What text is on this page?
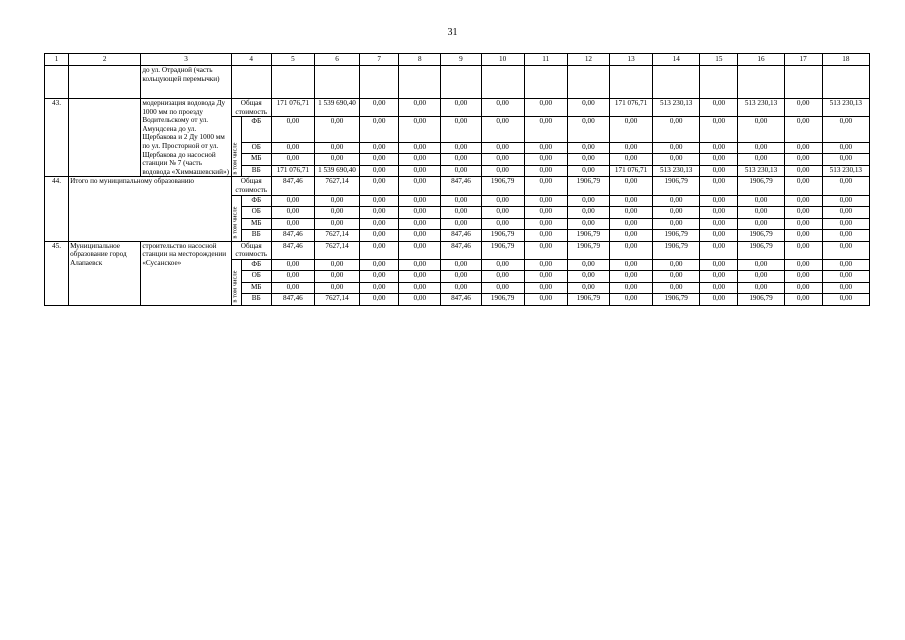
31
1	2	3	4		5	6	7	8	9	10	11	12	13	14	15	16	17	18
		до ул. Отрадной (часть кольцующей перемычки)																
43.		модернизация водовода Ду 1000 мм по проезду Водительскому от ул. Амундсена до ул. Щербакова и 2 Ду 1000 мм по ул. Просторной от ул. Щербакова до насосной станции № 7 (часть водовода «Химмашевский»)	Общая стоимость		171 076,71	1 539 690,40	0,00	0,00	0,00	0,00	0,00	0,00	171 076,71	513 230,13	0,00	513 230,13	0,00	513 230,13

			в том числе	ФБ	0,00	0,00	0,00	0,00	0,00	0,00	0,00	0,00	0,00	0,00	0,00	0,00	0,00	0,00
				ОБ	0,00	0,00	0,00	0,00	0,00	0,00	0,00	0,00	0,00	0,00	0,00	0,00	0,00	0,00
				МБ	0,00	0,00	0,00	0,00	0,00	0,00	0,00	0,00	0,00	0,00	0,00	0,00	0,00	0,00
				ВБ	171 076,71	1 539 690,40	0,00	0,00	0,00	0,00	0,00	0,00	171 076,71	513 230,13	0,00	513 230,13	0,00	513 230,13
44.	Итого по муниципальному образованию		Общая стоимость		847,46	7627,14	0,00	0,00	847,46	1906,79	0,00	1906,79	0,00	1906,79	0,00	1906,79	0,00	0,00

			в том числе	ФБ	0,00	0,00	0,00	0,00	0,00	0,00	0,00	0,00	0,00	0,00	0,00	0,00	0,00	0,00
				ОБ	0,00	0,00	0,00	0,00	0,00	0,00	0,00	0,00	0,00	0,00	0,00	0,00	0,00	0,00
				МБ	0,00	0,00	0,00	0,00	0,00	0,00	0,00	0,00	0,00	0,00	0,00	0,00	0,00	0,00
				ВБ	847,46	7627,14	0,00	0,00	847,46	1906,79	0,00	1906,79	0,00	1906,79	0,00	1906,79	0,00	0,00
45.	Муниципальное образование город Алапаевск	строительство насосной станции на месторождении «Сусанское»	Общая стоимость		847,46	7627,14	0,00	0,00	847,46	1906,79	0,00	1906,79	0,00	1906,79	0,00	1906,79	0,00	0,00

			в том числе	ФБ	0,00	0,00	0,00	0,00	0,00	0,00	0,00	0,00	0,00	0,00	0,00	0,00	0,00	0,00
				ОБ	0,00	0,00	0,00	0,00	0,00	0,00	0,00	0,00	0,00	0,00	0,00	0,00	0,00	0,00
				МБ	0,00	0,00	0,00	0,00	0,00	0,00	0,00	0,00	0,00	0,00	0,00	0,00	0,00	0,00
				ВБ	847,46	7627,14	0,00	0,00	847,46	1906,79	0,00	1906,79	0,00	1906,79	0,00	1906,79	0,00	0,00
